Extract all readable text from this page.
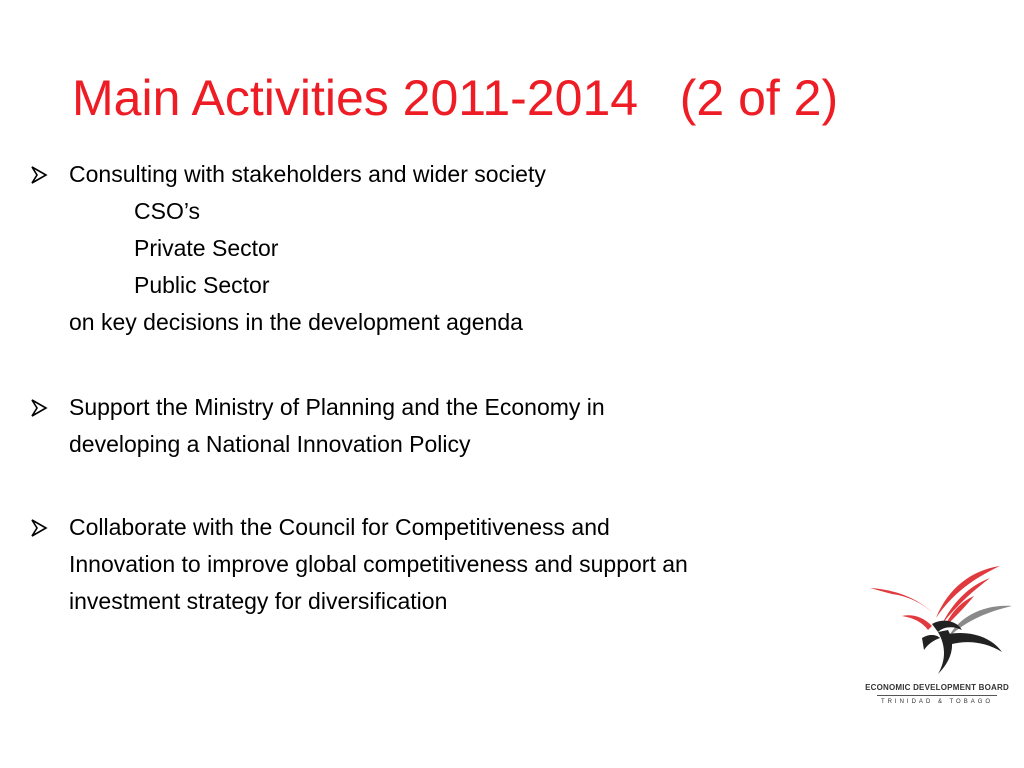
Main Activities 2011-2014   (2 of 2)
Consulting with stakeholders and wider society
CSO’s
Private Sector
Public Sector
on key decisions in the development agenda
Support the Ministry of Planning and the Economy in
developing a National Innovation Policy
Collaborate with the Council for Competitiveness and
Innovation to improve global competitiveness and support an
investment strategy for diversification
ECONOMIC DEVELOPMENT BOARD
TRINIDAD & TOBAGO
